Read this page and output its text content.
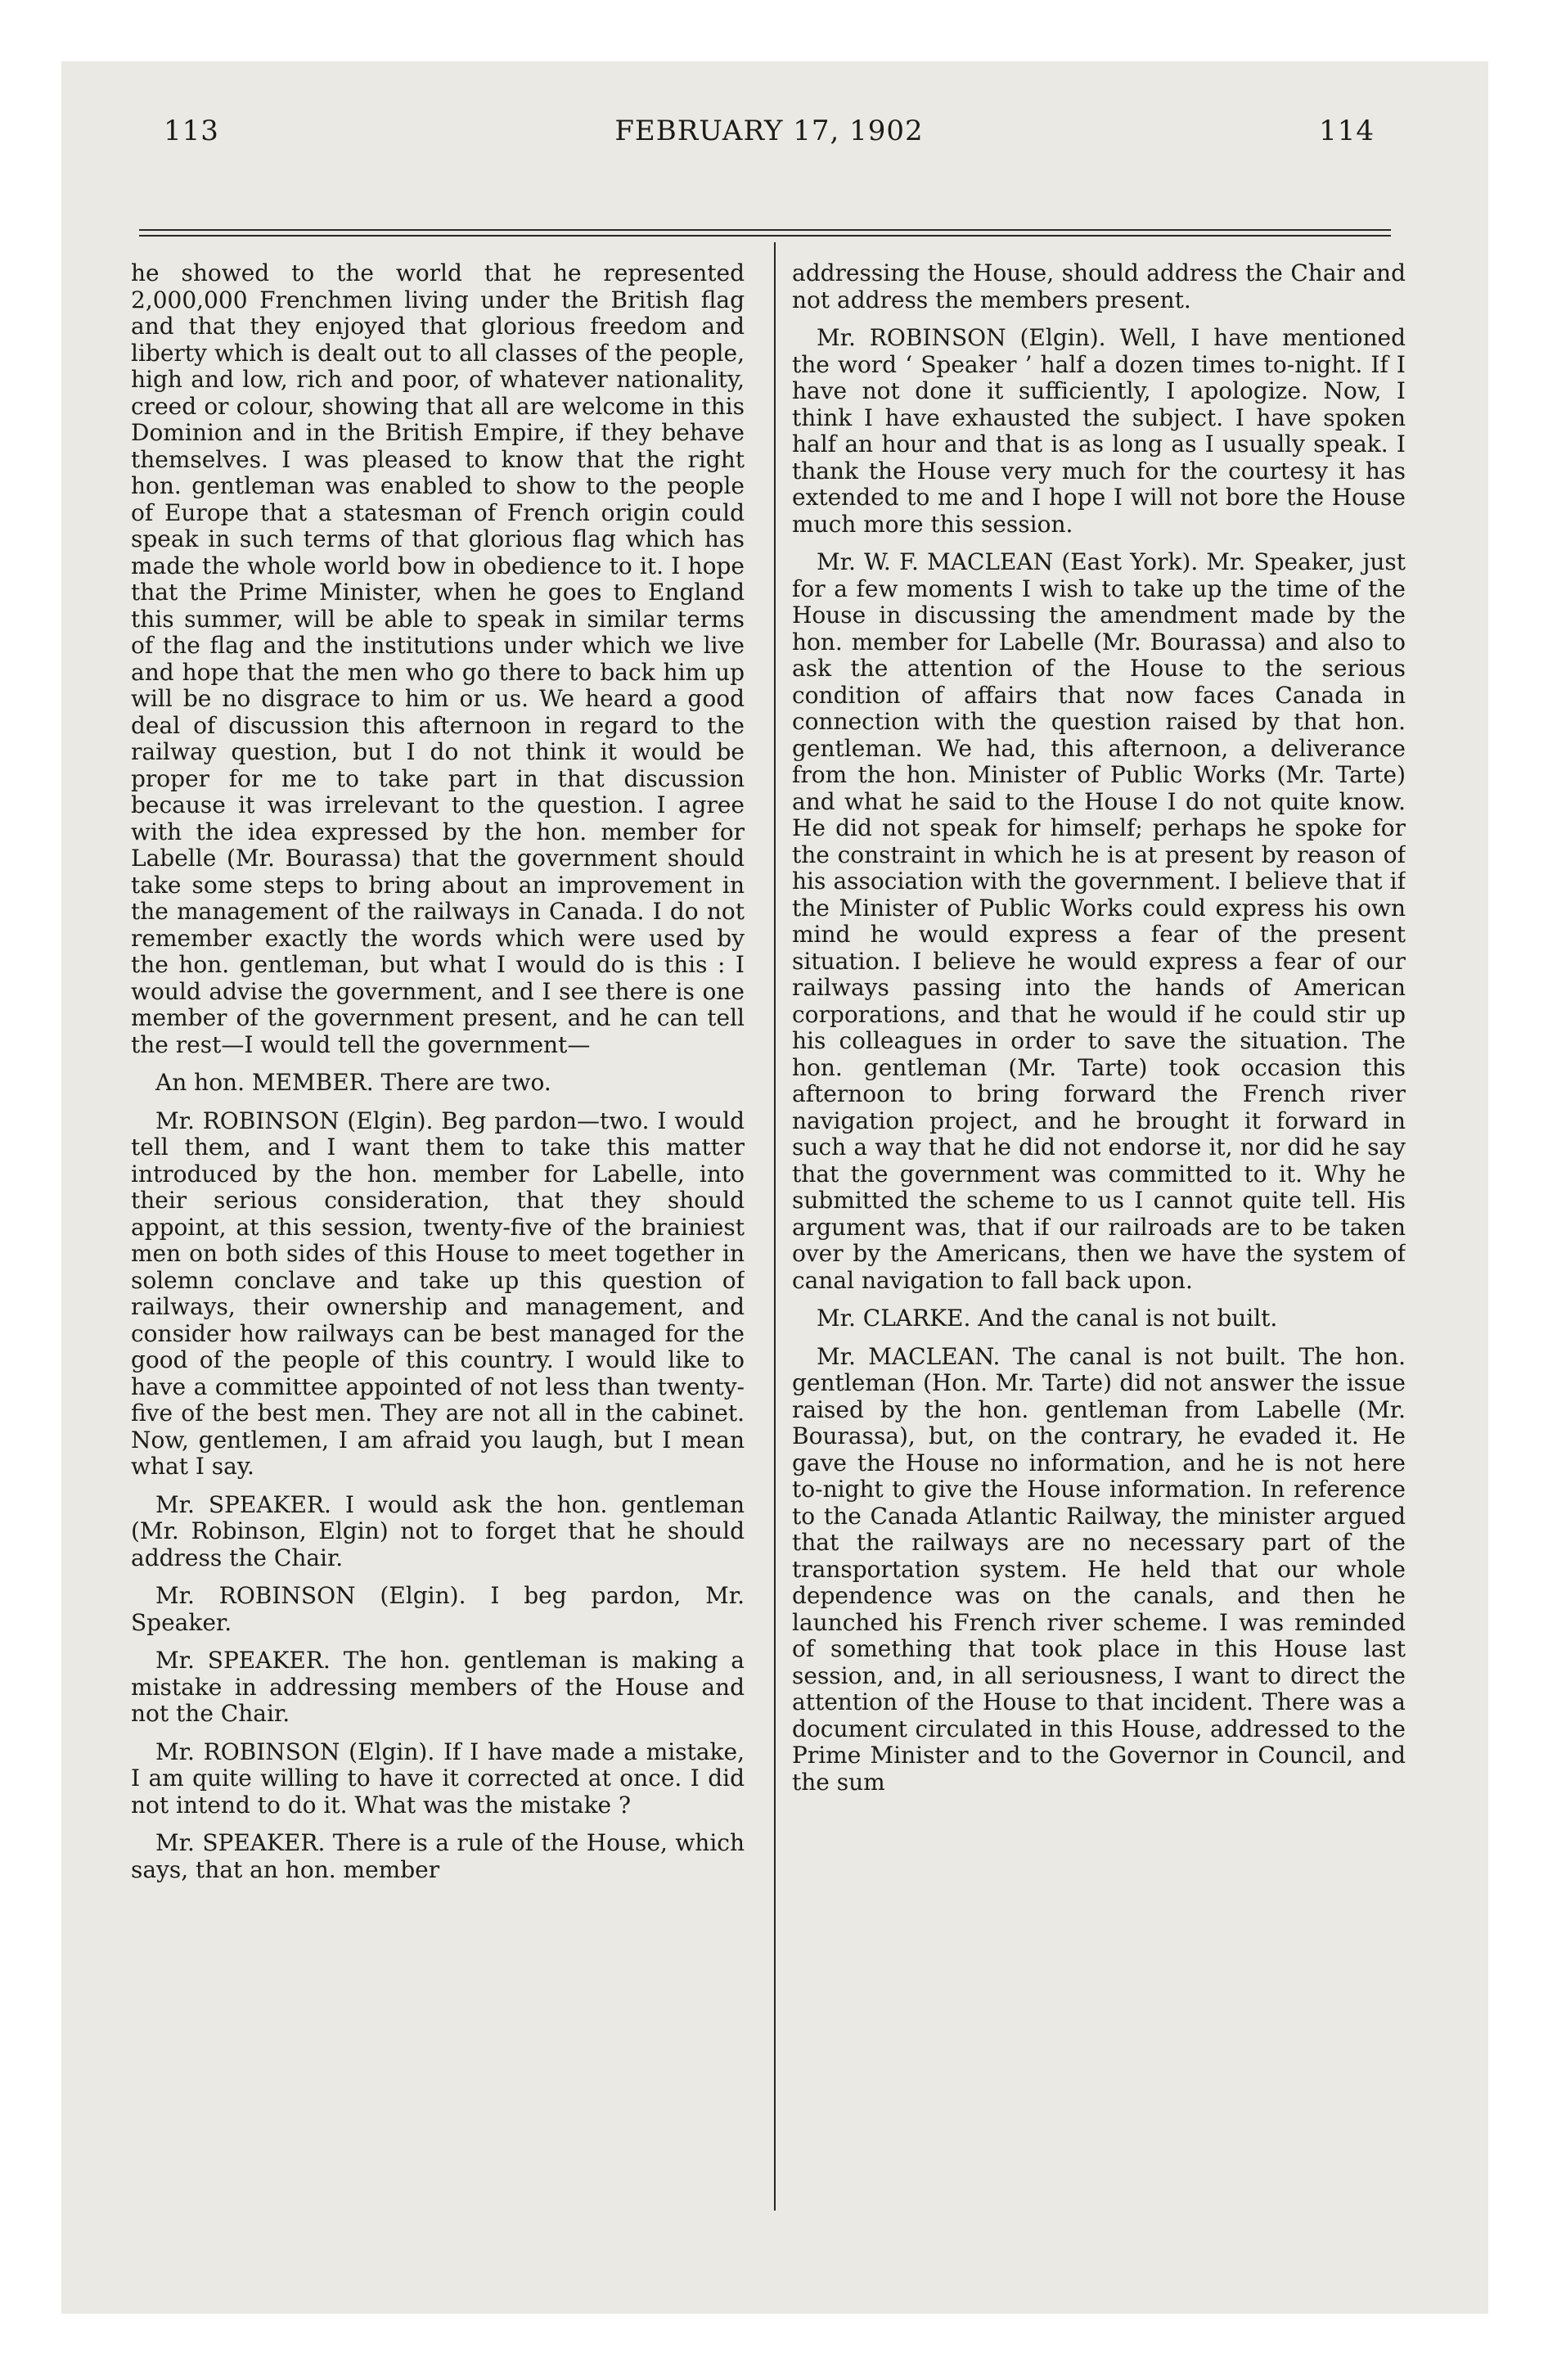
113	FEBRUARY 17, 1902	114

he showed to the world that he represented 2,000,000 Frenchmen living under the British flag and that they enjoyed that glorious freedom and liberty which is dealt out to all classes of the people, high and low, rich and poor, of whatever nationality, creed or colour, showing that all are welcome in this Dominion and in the British Empire, if they behave themselves. I was pleased to know that the right hon. gentleman was enabled to show to the people of Europe that a statesman of French origin could speak in such terms of that glorious flag which has made the whole world bow in obedience to it. I hope that the Prime Minister, when he goes to England this summer, will be able to speak in similar terms of the flag and the institutions under which we live and hope that the men who go there to back him up will be no disgrace to him or us. We heard a good deal of discussion this afternoon in regard to the railway question, but I do not think it would be proper for me to take part in that discussion because it was irrelevant to the question. I agree with the idea expressed by the hon. member for Labelle (Mr. Bourassa) that the government should take some steps to bring about an improvement in the management of the railways in Canada. I do not remember exactly the words which were used by the hon. gentleman, but what I would do is this : I would advise the government, and I see there is one member of the government present, and he can tell the rest—I would tell the government—

An hon. MEMBER. There are two.

Mr. ROBINSON (Elgin). Beg pardon—two. I would tell them, and I want them to take this matter introduced by the hon. member for Labelle, into their serious consideration, that they should appoint, at this session, twenty-five of the brainiest men on both sides of this House to meet together in solemn conclave and take up this question of railways, their ownership and management, and consider how railways can be best managed for the good of the people of this country. I would like to have a committee appointed of not less than twenty-five of the best men. They are not all in the cabinet. Now, gentlemen, I am afraid you laugh, but I mean what I say.

Mr. SPEAKER. I would ask the hon. gentleman (Mr. Robinson, Elgin) not to forget that he should address the Chair.

Mr. ROBINSON (Elgin). I beg pardon, Mr. Speaker.

Mr. SPEAKER. The hon. gentleman is making a mistake in addressing members of the House and not the Chair.

Mr. ROBINSON (Elgin). If I have made a mistake, I am quite willing to have it corrected at once. I did not intend to do it. What was the mistake ?

Mr. SPEAKER. There is a rule of the House, which says, that an hon. member

addressing the House, should address the Chair and not address the members present.

Mr. ROBINSON (Elgin). Well, I have mentioned the word ‘ Speaker ’ half a dozen times to-night. If I have not done it sufficiently, I apologize. Now, I think I have exhausted the subject. I have spoken half an hour and that is as long as I usually speak. I thank the House very much for the courtesy it has extended to me and I hope I will not bore the House much more this session.

Mr. W. F. MACLEAN (East York). Mr. Speaker, just for a few moments I wish to take up the time of the House in discussing the amendment made by the hon. member for Labelle (Mr. Bourassa) and also to ask the attention of the House to the serious condition of affairs that now faces Canada in connection with the question raised by that hon. gentleman. We had, this afternoon, a deliverance from the hon. Minister of Public Works (Mr. Tarte) and what he said to the House I do not quite know. He did not speak for himself; perhaps he spoke for the constraint in which he is at present by reason of his association with the government. I believe that if the Minister of Public Works could express his own mind he would express a fear of the present situation. I believe he would express a fear of our railways passing into the hands of American corporations, and that he would if he could stir up his colleagues in order to save the situation. The hon. gentleman (Mr. Tarte) took occasion this afternoon to bring forward the French river navigation project, and he brought it forward in such a way that he did not endorse it, nor did he say that the government was committed to it. Why he submitted the scheme to us I cannot quite tell. His argument was, that if our railroads are to be taken over by the Americans, then we have the system of canal navigation to fall back upon.

Mr. CLARKE. And the canal is not built.

Mr. MACLEAN. The canal is not built. The hon. gentleman (Hon. Mr. Tarte) did not answer the issue raised by the hon. gentleman from Labelle (Mr. Bourassa), but, on the contrary, he evaded it. He gave the House no information, and he is not here to-night to give the House information. In reference to the Canada Atlantic Railway, the minister argued that the railways are no necessary part of the transportation system. He held that our whole dependence was on the canals, and then he launched his French river scheme. I was reminded of something that took place in this House last session, and, in all seriousness, I want to direct the attention of the House to that incident. There was a document circulated in this House, addressed to the Prime Minister and to the Governor in Council, and the sum
